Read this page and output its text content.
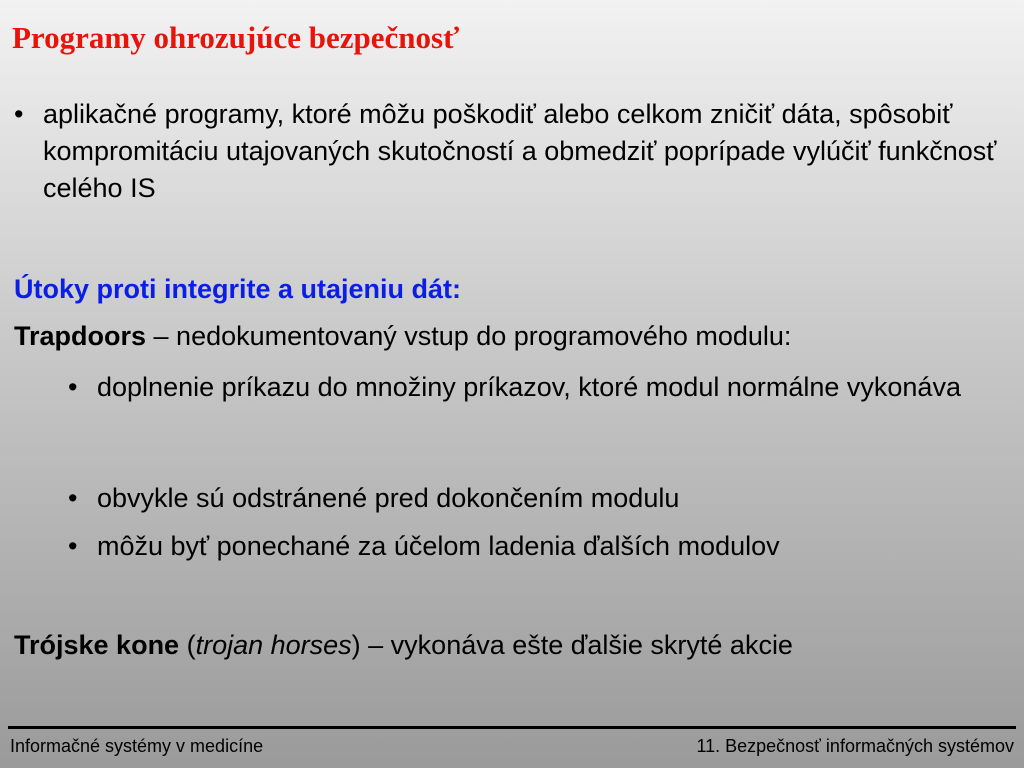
Programy ohrozujúce bezpečnosť
• aplikačné programy, ktoré môžu poškodiť alebo celkom zničiť dáta, spôsobiť kompromitáciu utajovaných skutočností a obmedziť poprípade vylúčiť funkčnosť celého IS
Útoky proti integrite a utajeniu dát:
Trapdoors – nedokumentovaný vstup do programového modulu:
• doplnenie príkazu do množiny príkazov, ktoré modul normálne vykonáva
• obvykle sú odstránené pred dokončením modulu
• môžu byť ponechané za účelom ladenia ďalších modulov
Trójske kone (trojan horses) – vykonáva ešte ďalšie skryté akcie
Informačné systémy v medicíne	11. Bezpečnosť informačných systémov
